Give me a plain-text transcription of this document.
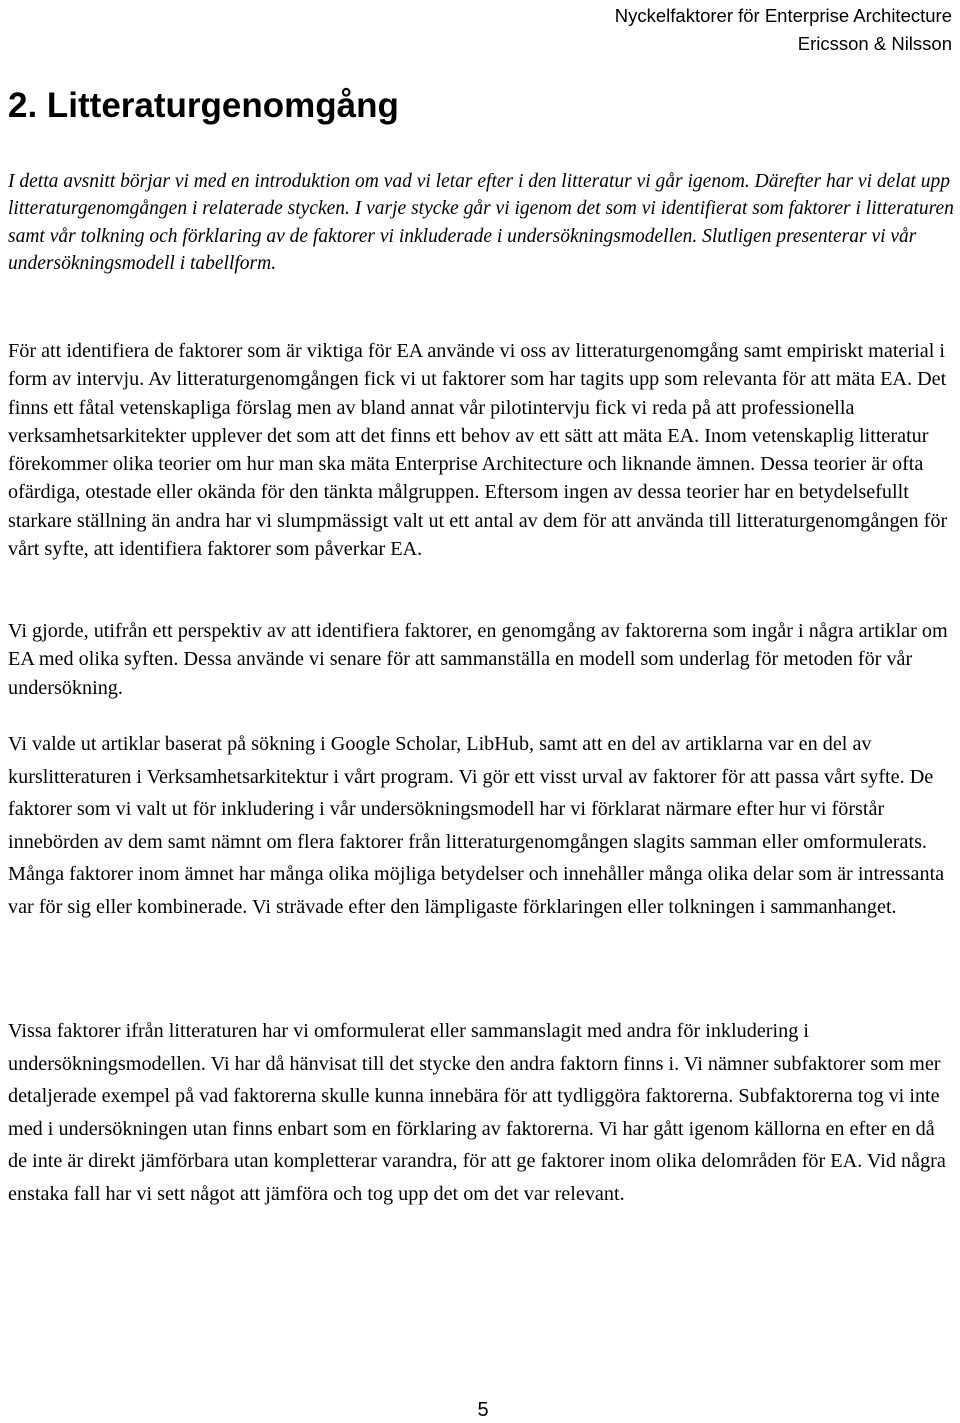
Nyckelfaktorer för Enterprise Architecture
Ericsson & Nilsson
2. Litteraturgenomgång

I detta avsnitt börjar vi med en introduktion om vad vi letar efter i den litteratur vi går igenom. Därefter har vi delat upp litteraturgenomgången i relaterade stycken. I varje stycke går vi igenom det som vi identifierat som faktorer i litteraturen samt vår tolkning och förklaring av de faktorer vi inkluderade i undersökningsmodellen. Slutligen presenterar vi vår undersökningsmodell i tabellform.

För att identifiera de faktorer som är viktiga för EA använde vi oss av litteraturgenomgång samt empiriskt material i form av intervju. Av litteraturgenomgången fick vi ut faktorer som har tagits upp som relevanta för att mäta EA. Det finns ett fåtal vetenskapliga förslag men av bland annat vår pilotintervju fick vi reda på att professionella verksamhetsarkitekter upplever det som att det finns ett behov av ett sätt att mäta EA. Inom vetenskaplig litteratur förekommer olika teorier om hur man ska mäta Enterprise Architecture och liknande ämnen. Dessa teorier är ofta ofärdiga, otestade eller okända för den tänkta målgruppen. Eftersom ingen av dessa teorier har en betydelsefullt starkare ställning än andra har vi slumpmässigt valt ut ett antal av dem för att använda till litteraturgenomgången för vårt syfte, att identifiera faktorer som påverkar EA.

Vi gjorde, utifrån ett perspektiv av att identifiera faktorer, en genomgång av faktorerna som ingår i några artiklar om EA med olika syften. Dessa använde vi senare för att sammanställa en modell som underlag för metoden för vår undersökning.

Vi valde ut artiklar baserat på sökning i Google Scholar, LibHub, samt att en del av artiklarna var en del av kurslitteraturen i Verksamhetsarkitektur i vårt program. Vi gör ett visst urval av faktorer för att passa vårt syfte. De faktorer som vi valt ut för inkludering i vår undersökningsmodell har vi förklarat närmare efter hur vi förstår innebörden av dem samt nämnt om flera faktorer från litteraturgenomgången slagits samman eller omformulerats. Många faktorer inom ämnet har många olika möjliga betydelser och innehåller många olika delar som är intressanta var för sig eller kombinerade. Vi strävade efter den lämpligaste förklaringen eller tolkningen i sammanhanget.

Vissa faktorer ifrån litteraturen har vi omformulerat eller sammanslagit med andra för inkludering i undersökningsmodellen. Vi har då hänvisat till det stycke den andra faktorn finns i. Vi nämner subfaktorer som mer detaljerade exempel på vad faktorerna skulle kunna innebära för att tydliggöra faktorerna. Subfaktorerna tog vi inte med i undersökningen utan finns enbart som en förklaring av faktorerna. Vi har gått igenom källorna en efter en då de inte är direkt jämförbara utan kompletterar varandra, för att ge faktorer inom olika delområden för EA. Vid några enstaka fall har vi sett något att jämföra och tog upp det om det var relevant.

5
